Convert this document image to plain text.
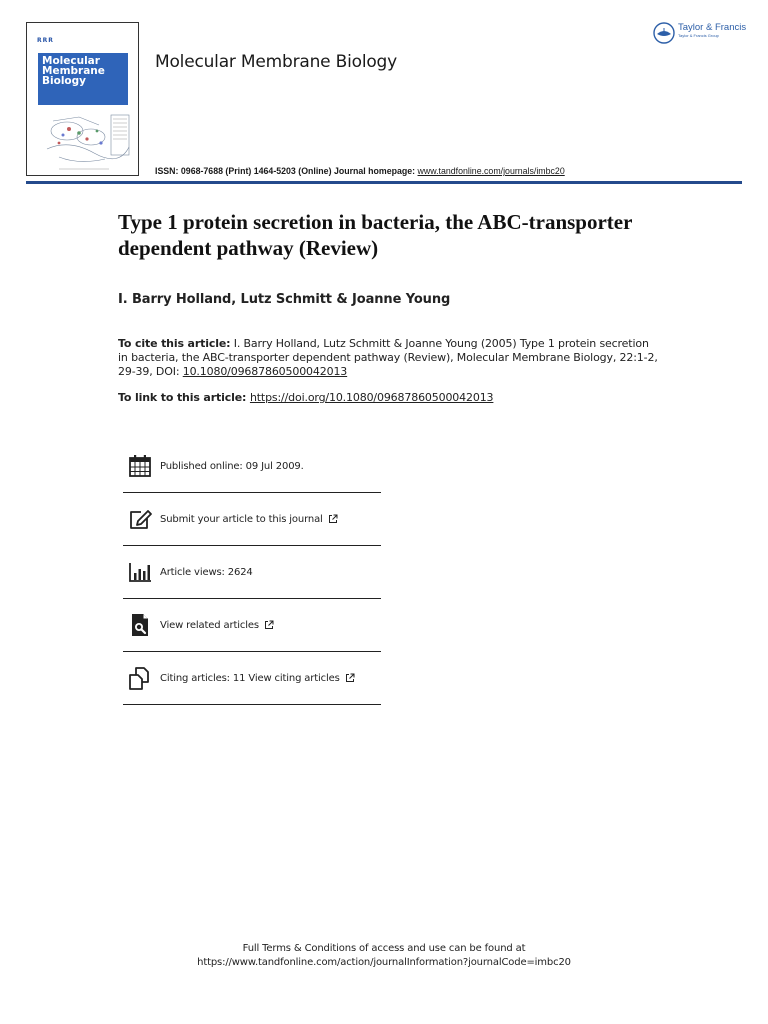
RRR
Molecular
Membrane
Biology
Molecular Membrane Biology
Taylor & Francis
Taylor & Francis Group
ISSN: 0968-7688 (Print) 1464-5203 (Online) Journal homepage: www.tandfonline.com/journals/imbc20
Type 1 protein secretion in bacteria, the ABC-transporter dependent pathway (Review)
I. Barry Holland, Lutz Schmitt & Joanne Young
To cite this article: I. Barry Holland, Lutz Schmitt & Joanne Young (2005) Type 1 protein secretion in bacteria, the ABC-transporter dependent pathway (Review), Molecular Membrane Biology, 22:1-2, 29-39, DOI: 10.1080/09687860500042013
To link to this article: https://doi.org/10.1080/09687860500042013
Published online: 09 Jul 2009.
Submit your article to this journal
Article views: 2624
View related articles
Citing articles: 11 View citing articles
Full Terms & Conditions of access and use can be found at
https://www.tandfonline.com/action/journalInformation?journalCode=imbc20
